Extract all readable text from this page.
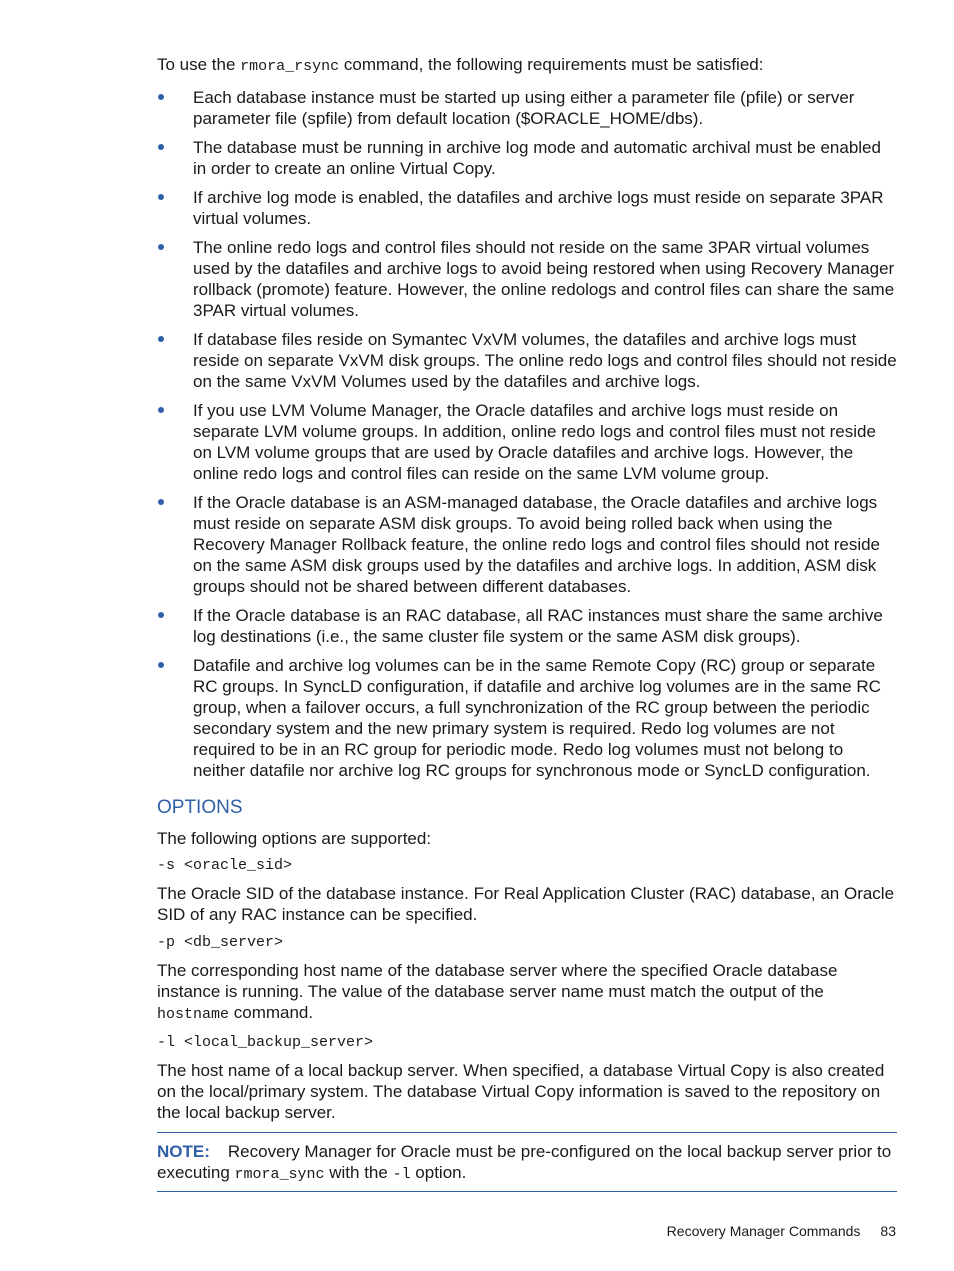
To use the rmora_rsync command, the following requirements must be satisfied:

Each database instance must be started up using either a parameter file (pfile) or server parameter file (spfile) from default location ($ORACLE_HOME/dbs).
The database must be running in archive log mode and automatic archival must be enabled in order to create an online Virtual Copy.
If archive log mode is enabled, the datafiles and archive logs must reside on separate 3PAR virtual volumes.
The online redo logs and control files should not reside on the same 3PAR virtual volumes used by the datafiles and archive logs to avoid being restored when using Recovery Manager rollback (promote) feature. However, the online redologs and control files can share the same 3PAR virtual volumes.
If database files reside on Symantec VxVM volumes, the datafiles and archive logs must reside on separate VxVM disk groups. The online redo logs and control files should not reside on the same VxVM Volumes used by the datafiles and archive logs.
If you use LVM Volume Manager, the Oracle datafiles and archive logs must reside on separate LVM volume groups. In addition, online redo logs and control files must not reside on LVM volume groups that are used by Oracle datafiles and archive logs. However, the online redo logs and control files can reside on the same LVM volume group.
If the Oracle database is an ASM-managed database, the Oracle datafiles and archive logs must reside on separate ASM disk groups. To avoid being rolled back when using the Recovery Manager Rollback feature, the online redo logs and control files should not reside on the same ASM disk groups used by the datafiles and archive logs. In addition, ASM disk groups should not be shared between different databases.
If the Oracle database is an RAC database, all RAC instances must share the same archive log destinations (i.e., the same cluster file system or the same ASM disk groups).
Datafile and archive log volumes can be in the same Remote Copy (RC) group or separate RC groups. In SyncLD configuration, if datafile and archive log volumes are in the same RC group, when a failover occurs, a full synchronization of the RC group between the periodic secondary system and the new primary system is required. Redo log volumes are not required to be in an RC group for periodic mode. Redo log volumes must not belong to neither datafile nor archive log RC groups for synchronous mode or SyncLD configuration.
OPTIONS

The following options are supported:

-s <oracle_sid>

The Oracle SID of the database instance. For Real Application Cluster (RAC) database, an Oracle SID of any RAC instance can be specified.

-p <db_server>

The corresponding host name of the database server where the specified Oracle database instance is running. The value of the database server name must match the output of the hostname command.

-l <local_backup_server>

The host name of a local backup server. When specified, a database Virtual Copy is also created on the local/primary system. The database Virtual Copy information is saved to the repository on the local backup server.

NOTE: Recovery Manager for Oracle must be pre-configured on the local backup server prior to executing rmora_sync with the -l option.
Recovery Manager Commands 83
